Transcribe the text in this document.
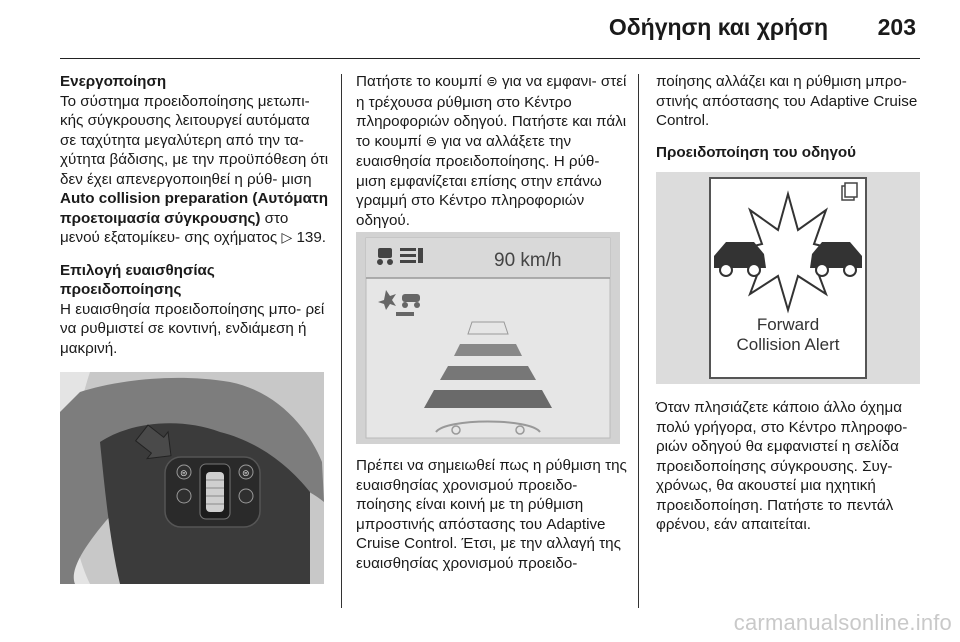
Οδήγηση και χρήση 203

Ενεργοποίηση

Το σύστημα προειδοποίησης μετωπι- κής σύγκρουσης λειτουργεί αυτόματα σε ταχύτητα μεγαλύτερη από την τα- χύτητα βάδισης, με την προϋπόθεση ότι δεν έχει απενεργοποιηθεί η ρύθ- μιση Auto collision preparation (Αυτόματη προετοιμασία σύγκρουσης) στο μενού εξατομίκευ- σης οχήματος ▷ 139.

Επιλογή ευαισθησίας προειδοποίησης

Η ευαισθησία προειδοποίησης μπο- ρεί να ρυθμιστεί σε κοντινή, ενδιάμεση ή μακρινή.

Πατήστε το κουμπί ⊜ για να εμφανι- στεί η τρέχουσα ρύθμιση στο Κέντρο πληροφοριών οδηγού. Πατήστε και πάλι το κουμπί ⊜ για να αλλάξετε την ευαισθησία προειδοποίησης. Η ρύθ- μιση εμφανίζεται επίσης στην επάνω γραμμή στο Κέντρο πληροφοριών οδηγού.

Πρέπει να σημειωθεί πως η ρύθμιση της ευαισθησίας χρονισμού προειδο- ποίησης είναι κοινή με τη ρύθμιση μπροστινής απόστασης του Adaptive Cruise Control. Έτσι, με την αλλαγή της ευαισθησίας χρονισμού προειδο-

ποίησης αλλάζει και η ρύθμιση μπρο- στινής απόστασης του Adaptive Cruise Control.

Προειδοποίηση του οδηγού

Όταν πλησιάζετε κάποιο άλλο όχημα πολύ γρήγορα, στο Κέντρο πληροφο- ριών οδηγού θα εμφανιστεί η σελίδα προειδοποίησης σύγκρουσης. Συγ- χρόνως, θα ακουστεί μια ηχητική προειδοποίηση. Πατήστε το πεντάλ φρένου, εάν απαιτείται.

⊜	⊜
90 km/h
Forward
Collision Alert
carmanualsonline.info
